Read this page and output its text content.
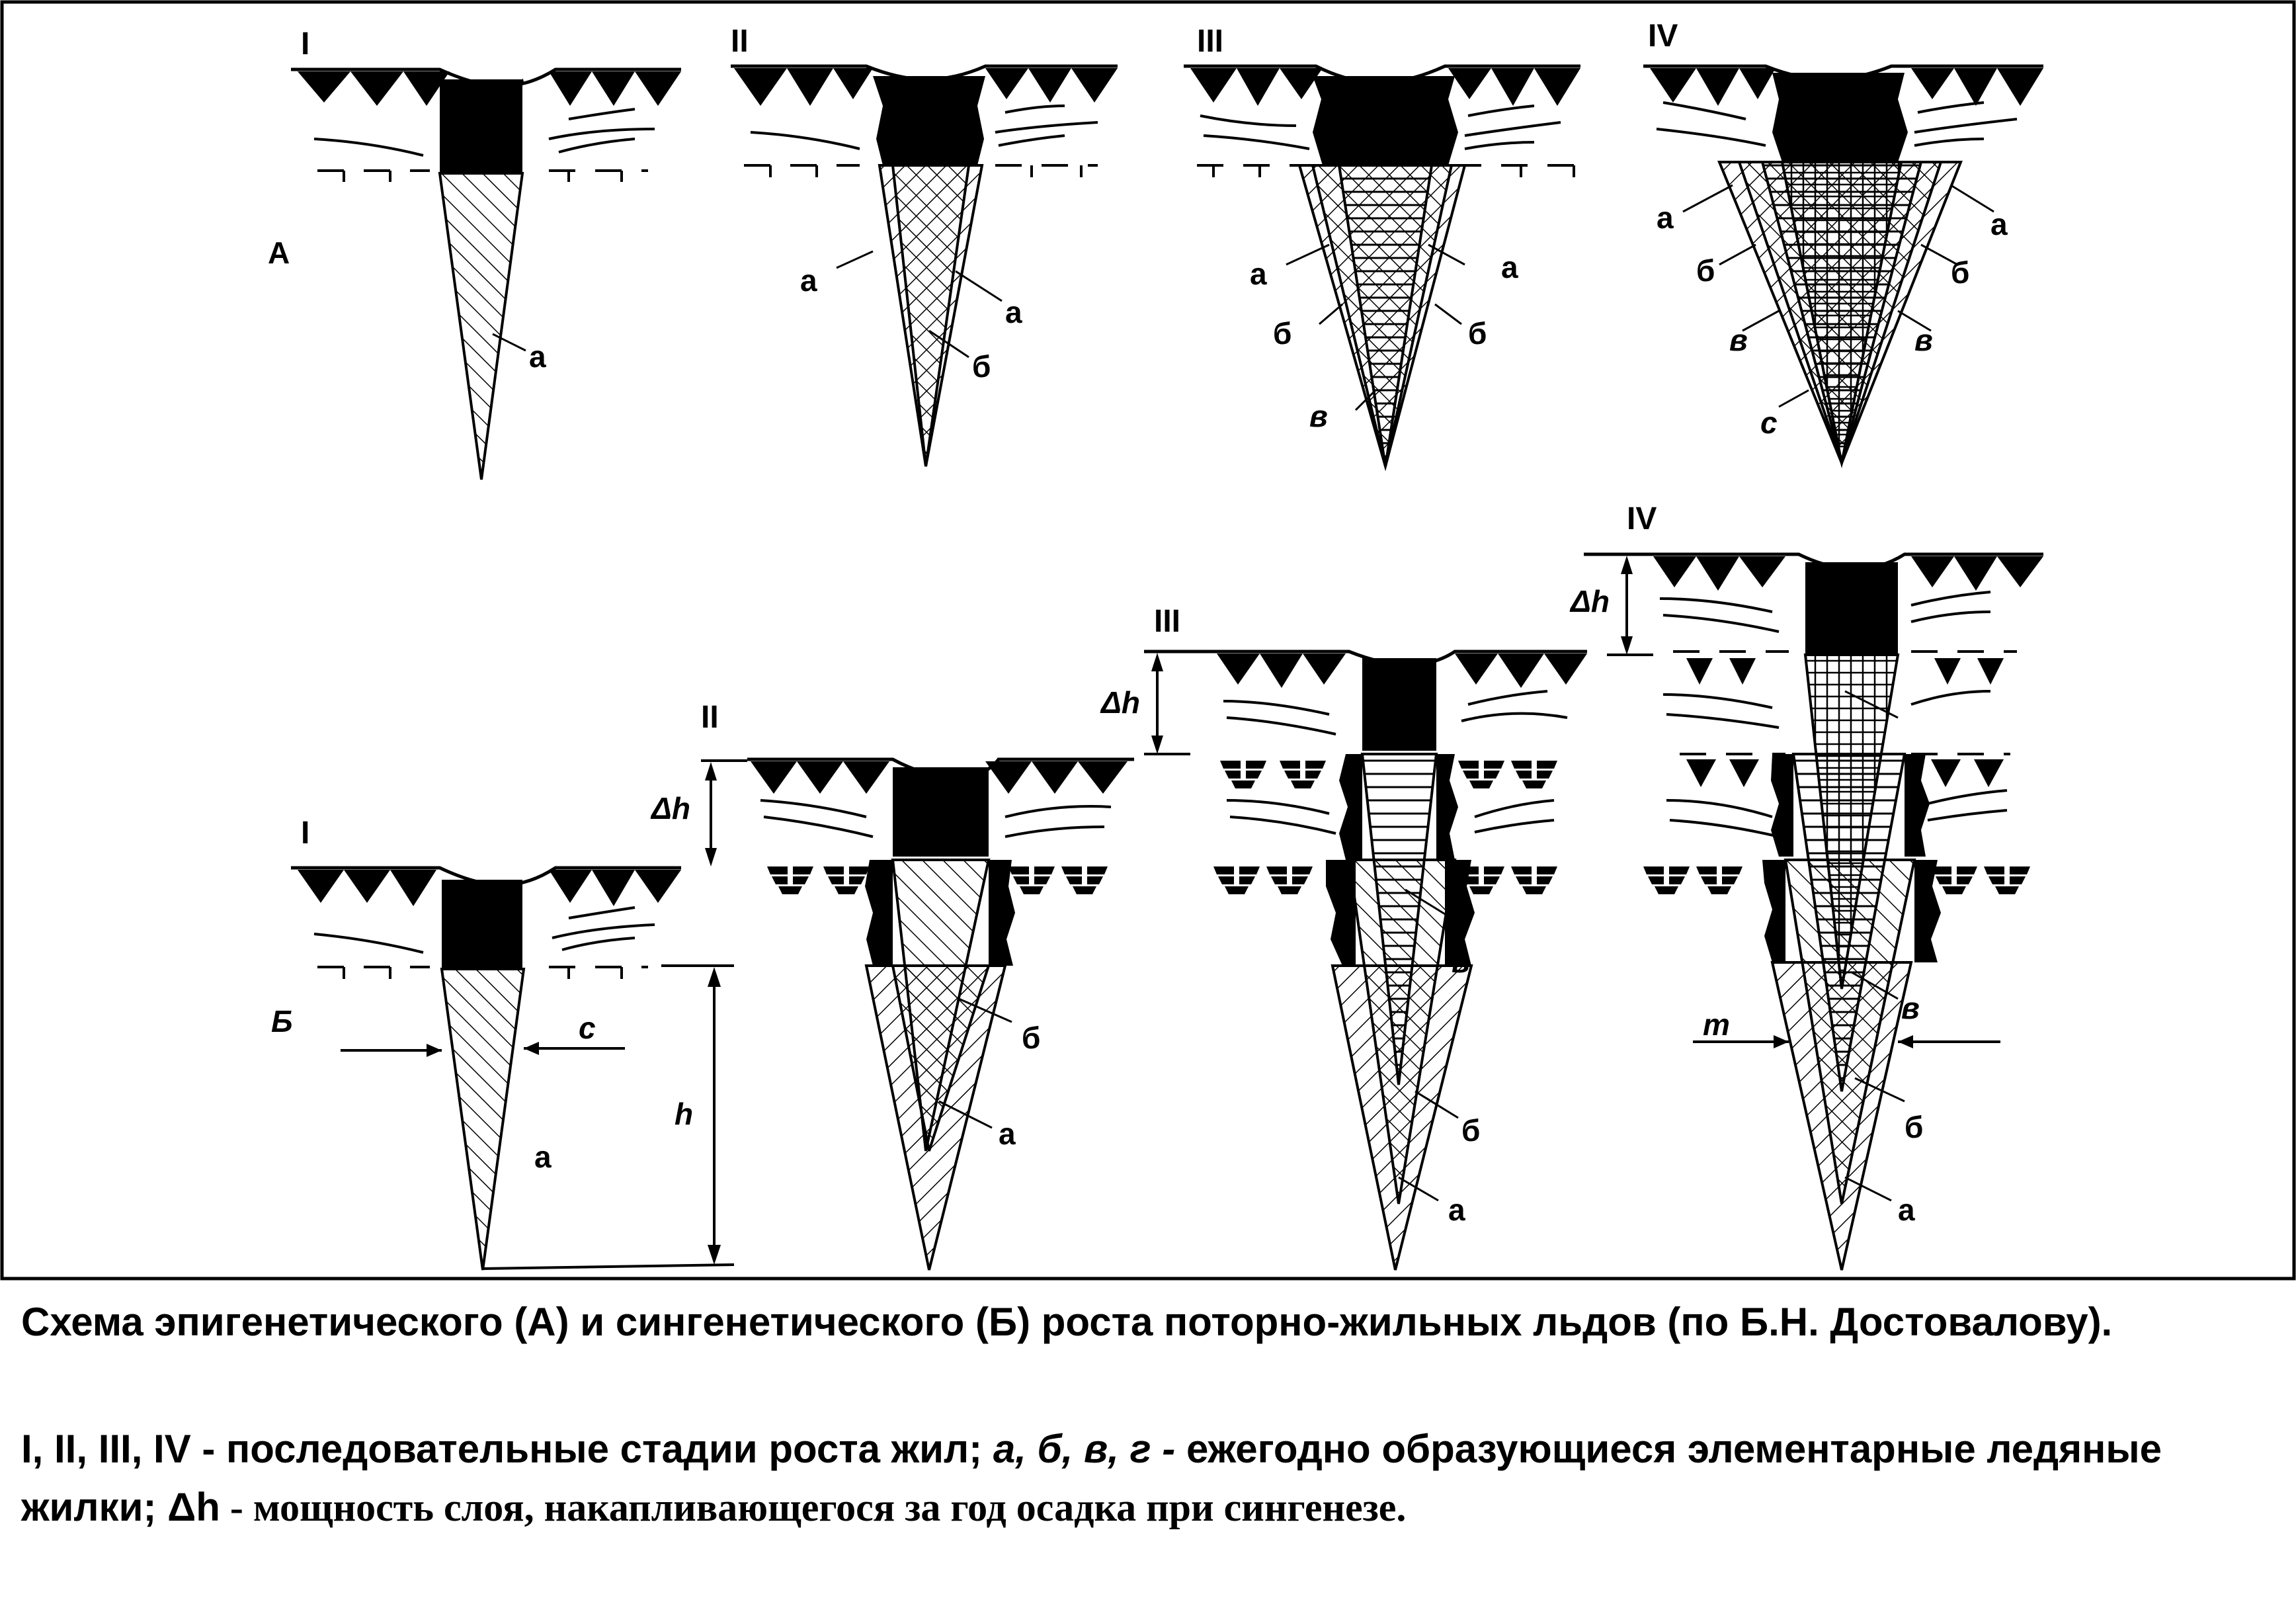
I	II	III	IV
А
а
а
а
б
а	а
б	б
в
а	а
б	б
в	в
с
I
II
III
IV
Б	с
h
а
Δh
б
а
Δh
в
б
а
Δh
m	в
б
а

Схема эпигенетического (А) и сингенетического (Б) роста поторно-жильных льдов (по Б.Н. Достовалову).

I, II, III, IV - последовательные стадии роста жил; а, б, в, г - ежегодно образующиеся элементарные ледяные жилки; Δh - мощность слоя, накапливающегося за год осадка при сингенезе.
